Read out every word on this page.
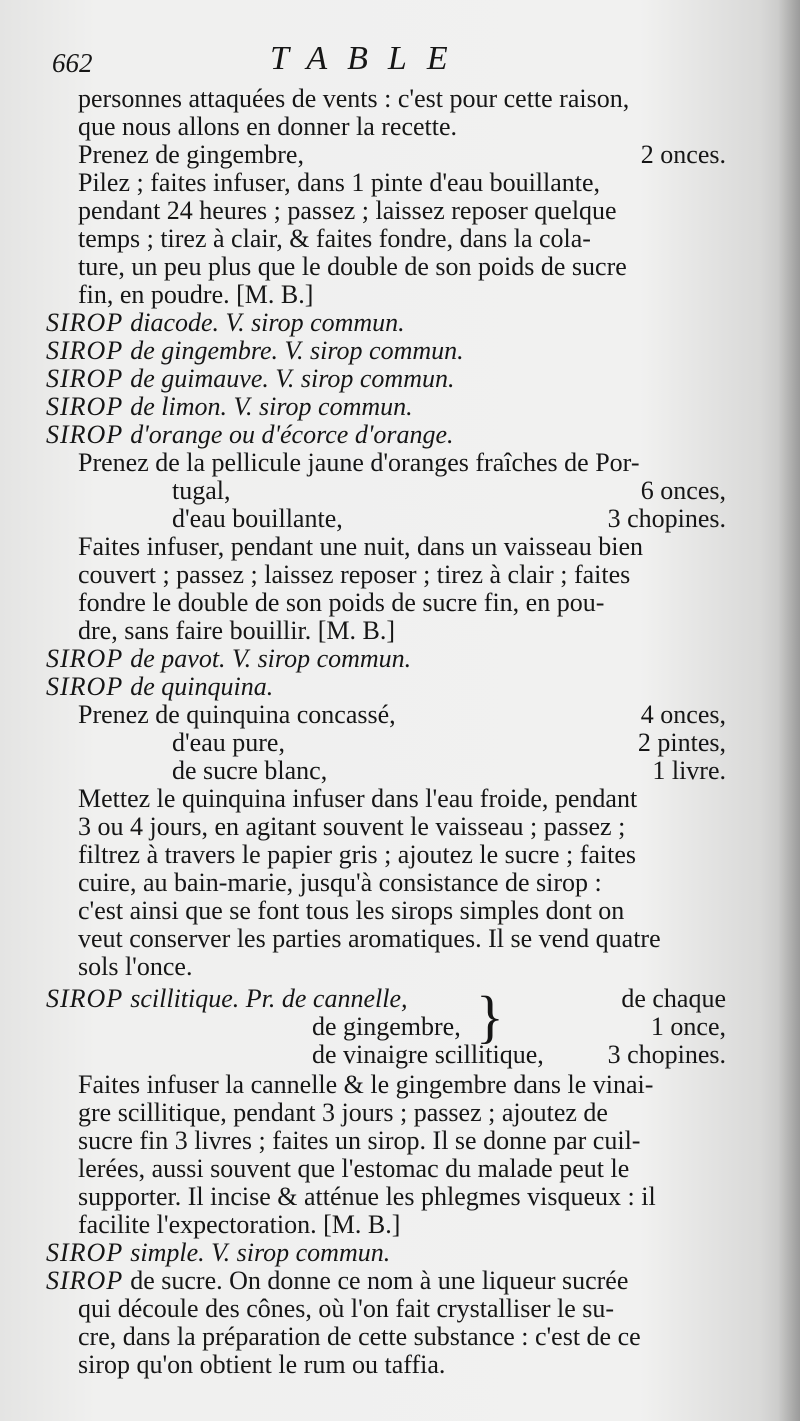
662	TABLE
personnes attaquées de vents : c'est pour cette raison,
que nous allons en donner la recette.
Prenez de gingembre,	2 onces.
Pilez ; faites infuser, dans 1 pinte d'eau bouillante,
pendant 24 heures ; passez ; laissez reposer quelque
temps ; tirez à clair, & faites fondre, dans la cola-
ture, un peu plus que le double de son poids de sucre
fin, en poudre. [M. B.]
SIROP diacode. V. sirop commun.
SIROP de gingembre. V. sirop commun.
SIROP de guimauve. V. sirop commun.
SIROP de limon. V. sirop commun.
SIROP d'orange ou d'écorce d'orange.
Prenez de la pellicule jaune d'oranges fraîches de Por-
tugal,	6 onces,
d'eau bouillante,	3 chopines.
Faites infuser, pendant une nuit, dans un vaisseau bien
couvert ; passez ; laissez reposer ; tirez à clair ; faites
fondre le double de son poids de sucre fin, en pou-
dre, sans faire bouillir. [M. B.]
SIROP de pavot. V. sirop commun.
SIROP de quinquina.
Prenez de quinquina concassé,	4 onces,
d'eau pure,	2 pintes,
de sucre blanc,	1 livre.
Mettez le quinquina infuser dans l'eau froide, pendant
3 ou 4 jours, en agitant souvent le vaisseau ; passez ;
filtrez à travers le papier gris ; ajoutez le sucre ; faites
cuire, au bain-marie, jusqu'à consistance de sirop :
c'est ainsi que se font tous les sirops simples dont on
veut conserver les parties aromatiques. Il se vend quatre
sols l'once.
SIROP scillitique. Pr. de cannelle,	de chaque
de gingembre,	1 once,
de vinaigre scillitique, 3 chopines.
}
Faites infuser la cannelle & le gingembre dans le vinai-
gre scillitique, pendant 3 jours ; passez ; ajoutez de
sucre fin 3 livres ; faites un sirop. Il se donne par cuil-
lerées, aussi souvent que l'estomac du malade peut le
supporter. Il incise & atténue les phlegmes visqueux : il
facilite l'expectoration. [M. B.]
SIROP simple. V. sirop commun.
SIROP de sucre. On donne ce nom à une liqueur sucrée
qui découle des cônes, où l'on fait crystalliser le su-
cre, dans la préparation de cette substance : c'est de ce
sirop qu'on obtient le rum ou taffia.
